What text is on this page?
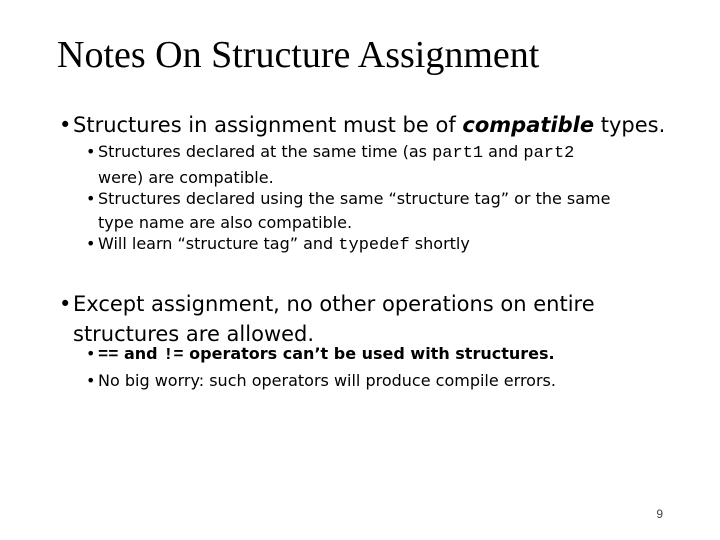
Notes On Structure Assignment
•Structures in assignment must be of compatible types.
• Structures declared at the same time (as part1 and part2
were) are compatible.
• Structures declared using the same “structure tag” or the same
type name are also compatible.
• Will learn “structure tag” and typedef shortly
•Except assignment, no other operations on entire
structures are allowed.
• == and != operators can’t be used with structures.
• No big worry: such operators will produce compile errors.
9
